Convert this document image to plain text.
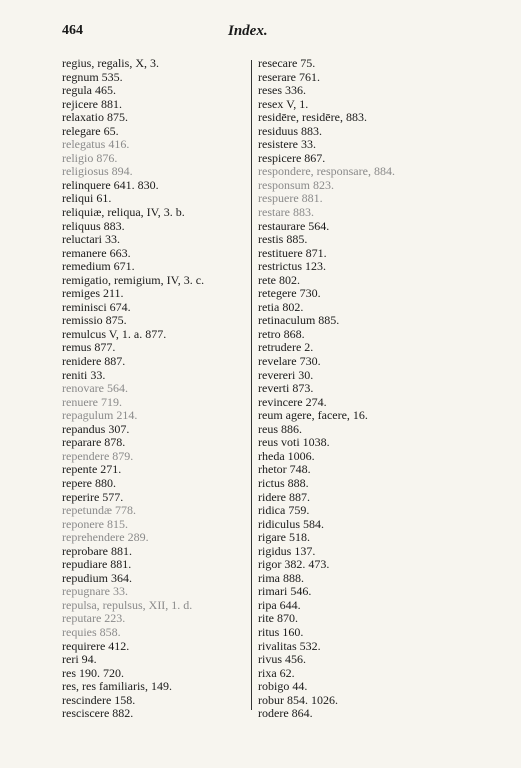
464	Index.
regius, regalis, X, 3.
regnum 535.
regula 465.
rejicere 881.
relaxatio 875.
relegare 65.
relegatus 416.
religio 876.
religiosus 894.
relinquere 641. 830.
reliqui 61.
reliquiæ, reliqua, IV, 3. b.
reliquus 883.
reluctari 33.
remanere 663.
remedium 671.
remigatio, remigium, IV, 3. c.
remiges 211.
reminisci 674.
remissio 875.
remulcus V, 1. a. 877.
remus 877.
renidere 887.
reniti 33.
renovare 564.
renuere 719.
repagulum 214.
repandus 307.
reparare 878.
rependere 879.
repente 271.
repere 880.
reperire 577.
repetundæ 778.
reponere 815.
reprehendere 289.
reprobare 881.
repudiare 881.
repudium 364.
repugnare 33.
repulsa, repulsus, XII, 1. d.
reputare 223.
requies 858.
requirere 412.
reri 94.
res 190. 720.
res, res familiaris, 149.
rescindere 158.
resciscere 882.
resecare 75.
reserare 761.
reses 336.
resex V, 1.
residēre, residēre, 883.
residuus 883.
resistere 33.
respicere 867.
respondere, responsare, 884.
responsum 823.
respuere 881.
restare 883.
restaurare 564.
restis 885.
restituere 871.
restrictus 123.
rete 802.
retegere 730.
retia 802.
retinaculum 885.
retro 868.
retrudere 2.
revelare 730.
revereri 30.
reverti 873.
revincere 274.
reum agere, facere, 16.
reus 886.
reus voti 1038.
rheda 1006.
rhetor 748.
rictus 888.
ridere 887.
ridica 759.
ridiculus 584.
rigare 518.
rigidus 137.
rigor 382. 473.
rima 888.
rimari 546.
ripa 644.
rite 870.
ritus 160.
rivalitas 532.
rivus 456.
rixa 62.
robigo 44.
robur 854. 1026.
rodere 864.
